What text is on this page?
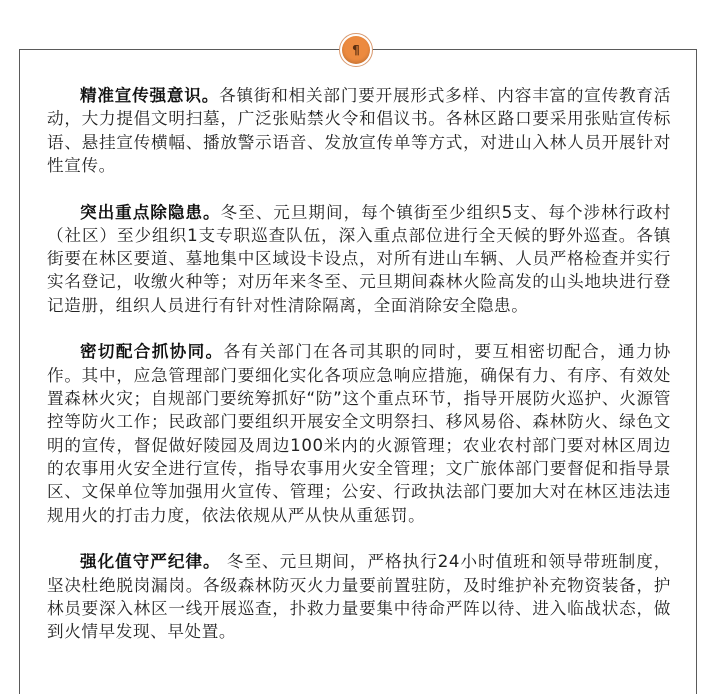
¶

精准宣传强意识。各镇街和相关部门要开展形式多样、内容丰富的宣传教育活动，大力提倡文明扫墓，广泛张贴禁火令和倡议书。各林区路口要采用张贴宣传标语、悬挂宣传横幅、播放警示语音、发放宣传单等方式，对进山入林人员开展针对性宣传。

突出重点除隐患。冬至、元旦期间，每个镇街至少组织5支、每个涉林行政村（社区）至少组织1支专职巡查队伍，深入重点部位进行全天候的野外巡查。各镇街要在林区要道、墓地集中区域设卡设点，对所有进山车辆、人员严格检查并实行实名登记，收缴火种等；对历年来冬至、元旦期间森林火险高发的山头地块进行登记造册，组织人员进行有针对性清除隔离，全面消除安全隐患。

密切配合抓协同。各有关部门在各司其职的同时，要互相密切配合，通力协作。其中，应急管理部门要细化实化各项应急响应措施，确保有力、有序、有效处置森林火灾；自规部门要统筹抓好“防”这个重点环节，指导开展防火巡护、火源管控等防火工作；民政部门要组织开展安全文明祭扫、移风易俗、森林防火、绿色文明的宣传，督促做好陵园及周边100米内的火源管理；农业农村部门要对林区周边的农事用火安全进行宣传，指导农事用火安全管理；文广旅体部门要督促和指导景区、文保单位等加强用火宣传、管理；公安、行政执法部门要加大对在林区违法违规用火的打击力度，依法依规从严从快从重惩罚。

强化值守严纪律。 冬至、元旦期间，严格执行24小时值班和领导带班制度，坚决杜绝脱岗漏岗。各级森林防灭火力量要前置驻防，及时维护补充物资装备，护林员要深入林区一线开展巡查，扑救力量要集中待命严阵以待、进入临战状态，做到火情早发现、早处置。
